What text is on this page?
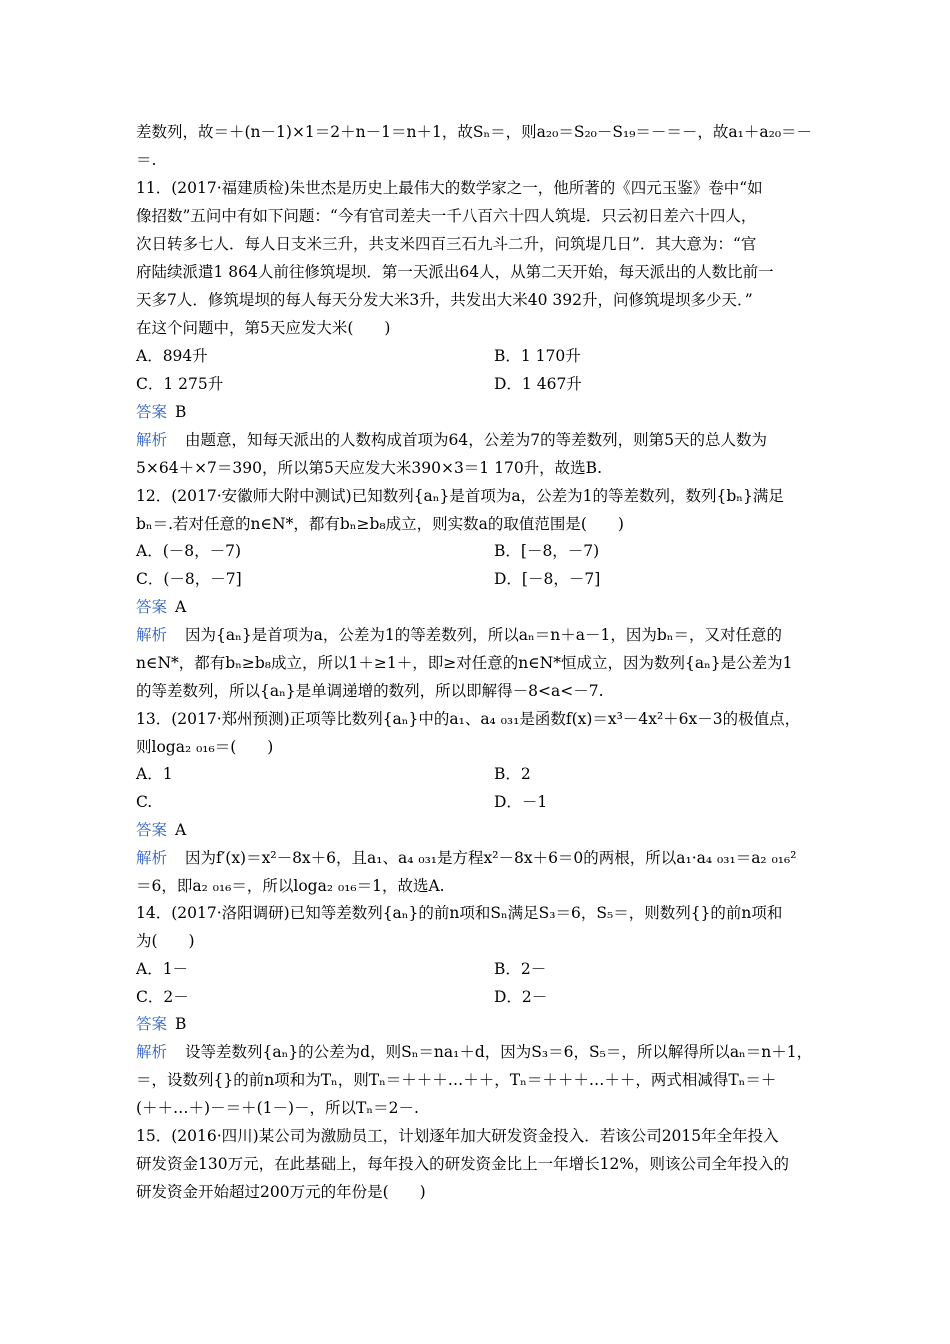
差数列，故＝＋(n－1)×1＝2＋n－1＝n＋1，故Sₙ＝，则a₂₀＝S₂₀－S₁₉＝－＝－，故a₁＋a₂₀＝－
＝.
11．(2017·福建质检)朱世杰是历史上最伟大的数学家之一，他所著的《四元玉鉴》卷中“如
像招数”五问中有如下问题：“今有官司差夫一千八百六十四人筑堤．只云初日差六十四人，
次日转多七人．每人日支米三升，共支米四百三石九斗二升，问筑堤几日”．其大意为：“官
府陆续派遣1 864人前往修筑堤坝．第一天派出64人，从第二天开始，每天派出的人数比前一
天多7人．修筑堤坝的每人每天分发大米3升，共发出大米40 392升，问修筑堤坝多少天．”
在这个问题中，第5天应发大米(　　)
A．894升	B．1 170升
C．1 275升	D．1 467升
答案 B
解析 由题意，知每天派出的人数构成首项为64，公差为7的等差数列，则第5天的总人数为
5×64＋×7＝390，所以第5天应发大米390×3＝1 170升，故选B.
12．(2017·安徽师大附中测试)已知数列{aₙ}是首项为a，公差为1的等差数列，数列{bₙ}满足
bₙ＝.若对任意的n∈N*，都有bₙ≥b₈成立，则实数a的取值范围是(　　)
A．(－8，－7)	B．[－8，－7)
C．(－8，－7]	D．[－8，－7]
答案 A
解析 因为{aₙ}是首项为a，公差为1的等差数列，所以aₙ＝n＋a－1，因为bₙ＝，又对任意的
n∈N*，都有bₙ≥b₈成立，所以1＋≥1＋，即≥对任意的n∈N*恒成立，因为数列{aₙ}是公差为1
的等差数列，所以{aₙ}是单调递增的数列，所以即解得－8<a<－7.
13．(2017·郑州预测)正项等比数列{aₙ}中的a₁、a₄ ₀₃₁是函数f(x)＝x³－4x²＋6x－3的极值点，
则loga₂ ₀₁₆＝(　　)
A．1	B．2
C.	D．－1
答案 A
解析 因为f′(x)＝x²－8x＋6，且a₁、a₄ ₀₃₁是方程x²－8x＋6＝0的两根，所以a₁·a₄ ₀₃₁＝a₂ ₀₁₆²
＝6，即a₂ ₀₁₆＝，所以loga₂ ₀₁₆＝1，故选A.
14．(2017·洛阳调研)已知等差数列{aₙ}的前n项和Sₙ满足S₃＝6，S₅＝，则数列{}的前n项和
为(　　)
A．1－	B．2－
C．2－	D．2－
答案 B
解析 设等差数列{aₙ}的公差为d，则Sₙ＝na₁＋d，因为S₃＝6，S₅＝，所以解得所以aₙ＝n＋1，
＝，设数列{}的前n项和为Tₙ，则Tₙ＝＋＋＋…＋＋，Tₙ＝＋＋＋…＋＋，两式相减得Tₙ＝＋
(＋＋…＋)－＝＋(1－)－，所以Tₙ＝2－.
15．(2016·四川)某公司为激励员工，计划逐年加大研发资金投入．若该公司2015年全年投入
研发资金130万元，在此基础上，每年投入的研发资金比上一年增长12%，则该公司全年投入的
研发资金开始超过200万元的年份是(　　)
